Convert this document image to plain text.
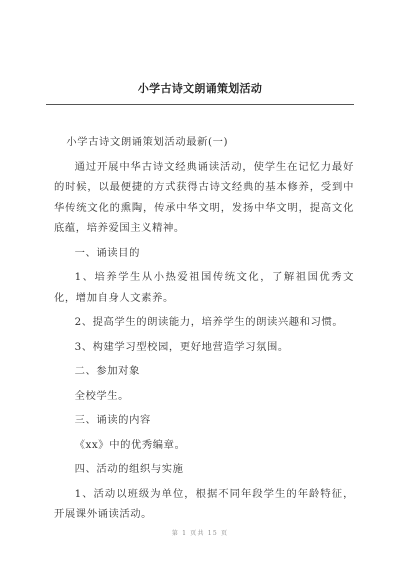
小学古诗文朗诵策划活动

小学古诗文朗诵策划活动最新(一)

通过开展中华古诗文经典诵读活动，使学生在记忆力最好的时候，以最便捷的方式获得古诗文经典的基本修养，受到中华传统文化的熏陶，传承中华文明，发扬中华文明，提高文化底蕴，培养爱国主义精神。

一、诵读目的

1、培养学生从小热爱祖国传统文化，了解祖国优秀文化，增加自身人文素养。

2、提高学生的朗读能力，培养学生的朗读兴趣和习惯。

3、构建学习型校园，更好地营造学习氛围。

二、参加对象

全校学生。

三、诵读的内容

《xx》中的优秀编章。

四、活动的组织与实施

1、活动以班级为单位，根据不同年段学生的年龄特征，开展课外诵读活动。

第 1 页共 15 页
